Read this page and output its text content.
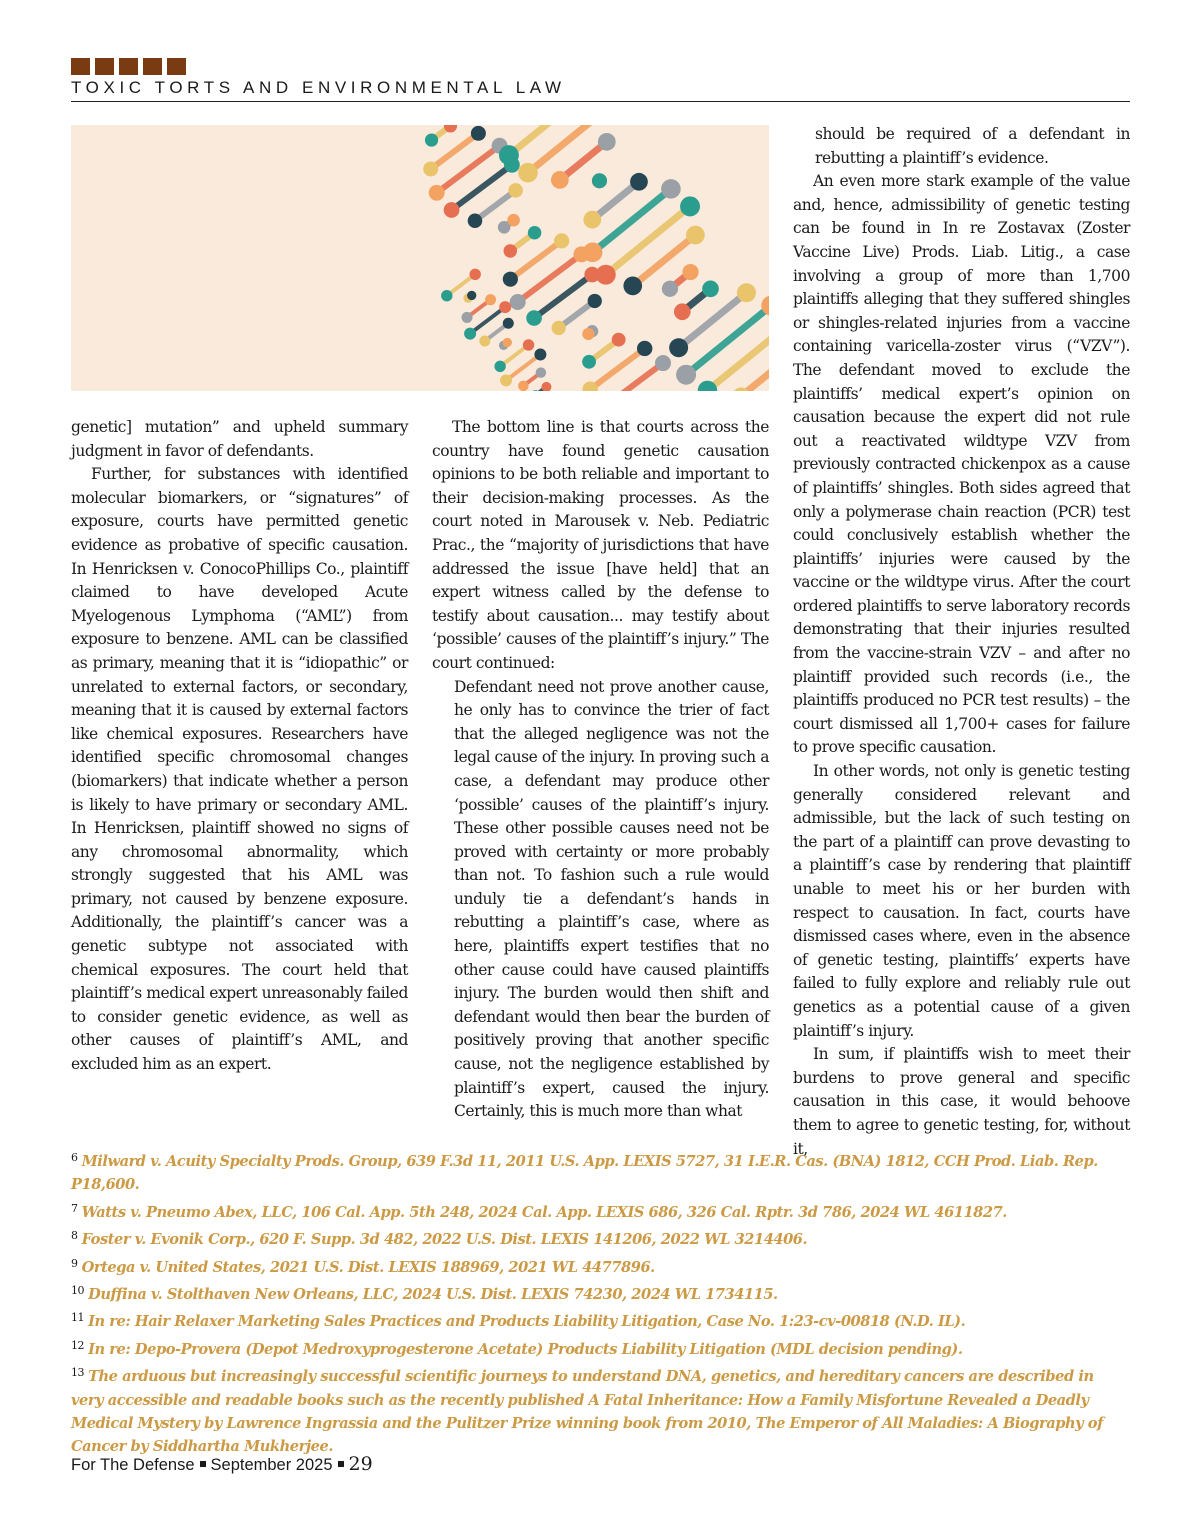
TOXIC TORTS AND ENVIRONMENTAL LAW

genetic] mutation” and upheld summary judgment in favor of defendants.

Further, for substances with identified molecular biomarkers, or “signatures” of exposure, courts have permitted genetic evidence as probative of specific causation. In Henricksen v. ConocoPhillips Co., plaintiff claimed to have developed Acute Myelogenous Lymphoma (“AML”) from exposure to benzene. AML can be classified as primary, meaning that it is “idiopathic” or unrelated to external factors, or secondary, meaning that it is caused by external factors like chemical exposures. Researchers have identified specific chromosomal changes (biomarkers) that indicate whether a person is likely to have primary or secondary AML. In Henricksen, plaintiff showed no signs of any chromosomal abnormality, which strongly suggested that his AML was primary, not caused by benzene exposure. Additionally, the plaintiff’s cancer was a genetic subtype not associated with chemical exposures. The court held that plaintiff’s medical expert unreasonably failed to consider genetic evidence, as well as other causes of plaintiff’s AML, and excluded him as an expert.

The bottom line is that courts across the country have found genetic causation opinions to be both reliable and important to their decision-making processes. As the court noted in Marousek v. Neb. Pediatric Prac., the “majority of jurisdictions that have addressed the issue [have held] that an expert witness called by the defense to testify about causation... may testify about ‘possible’ causes of the plaintiff’s injury.” The court continued:

Defendant need not prove another cause, he only has to convince the trier of fact that the alleged negligence was not the legal cause of the injury. In proving such a case, a defendant may produce other ‘possible’ causes of the plaintiff’s injury. These other possible causes need not be proved with certainty or more probably than not. To fashion such a rule would unduly tie a defendant’s hands in rebutting a plaintiff’s case, where as here, plaintiffs expert testifies that no other cause could have caused plaintiffs injury. The burden would then shift and defendant would then bear the burden of positively proving that another specific cause, not the negligence established by plaintiff’s expert, caused the injury. Certainly, this is much more than what

should be required of a defendant in rebutting a plaintiff’s evidence.

An even more stark example of the value and, hence, admissibility of genetic testing can be found in In re Zostavax (Zoster Vaccine Live) Prods. Liab. Litig., a case involving a group of more than 1,700 plaintiffs alleging that they suffered shingles or shingles-related injuries from a vaccine containing varicella-zoster virus (“VZV”). The defendant moved to exclude the plaintiffs’ medical expert’s opinion on causation because the expert did not rule out a reactivated wildtype VZV from previously contracted chickenpox as a cause of plaintiffs’ shingles. Both sides agreed that only a polymerase chain reaction (PCR) test could conclusively establish whether the plaintiffs’ injuries were caused by the vaccine or the wildtype virus. After the court ordered plaintiffs to serve laboratory records demonstrating that their injuries resulted from the vaccine-strain VZV – and after no plaintiff provided such records (i.e., the plaintiffs produced no PCR test results) – the court dismissed all 1,700+ cases for failure to prove specific causation.

In other words, not only is genetic testing generally considered relevant and admissible, but the lack of such testing on the part of a plaintiff can prove devasting to a plaintiff’s case by rendering that plaintiff unable to meet his or her burden with respect to causation. In fact, courts have dismissed cases where, even in the absence of genetic testing, plaintiffs’ experts have failed to fully explore and reliably rule out genetics as a potential cause of a given plaintiff’s injury.

In sum, if plaintiffs wish to meet their burdens to prove general and specific causation in this case, it would behoove them to agree to genetic testing, for, without it,

$^6$ Milward v. Acuity Specialty Prods. Group, 639 F.3d 11, 2011 U.S. App. LEXIS 5727, 31 I.E.R. Cas. (BNA) 1812, CCH Prod. Liab. Rep. P18,600.

$^7$ Watts v. Pneumo Abex, LLC, 106 Cal. App. 5th 248, 2024 Cal. App. LEXIS 686, 326 Cal. Rptr. 3d 786, 2024 WL 4611827.

$^8$ Foster v. Evonik Corp., 620 F. Supp. 3d 482, 2022 U.S. Dist. LEXIS 141206, 2022 WL 3214406.

$^9$ Ortega v. United States, 2021 U.S. Dist. LEXIS 188969, 2021 WL 4477896.

$^{10}$ Duffina v. Stolthaven New Orleans, LLC, 2024 U.S. Dist. LEXIS 74230, 2024 WL 1734115.

$^{11}$ In re: Hair Relaxer Marketing Sales Practices and Products Liability Litigation, Case No. 1:23-cv-00818 (N.D. IL).

$^{12}$ In re: Depo-Provera (Depot Medroxyprogesterone Acetate) Products Liability Litigation (MDL decision pending).

$^{13}$ The arduous but increasingly successful scientific journeys to understand DNA, genetics, and hereditary cancers are described in very accessible and readable books such as the recently published A Fatal Inheritance: How a Family Misfortune Revealed a Deadly Medical Mystery by Lawrence Ingrassia and the Pulitzer Prize winning book from 2010, The Emperor of All Maladies: A Biography of Cancer by Siddhartha Mukherjee.

For The Defense September 2025 29
